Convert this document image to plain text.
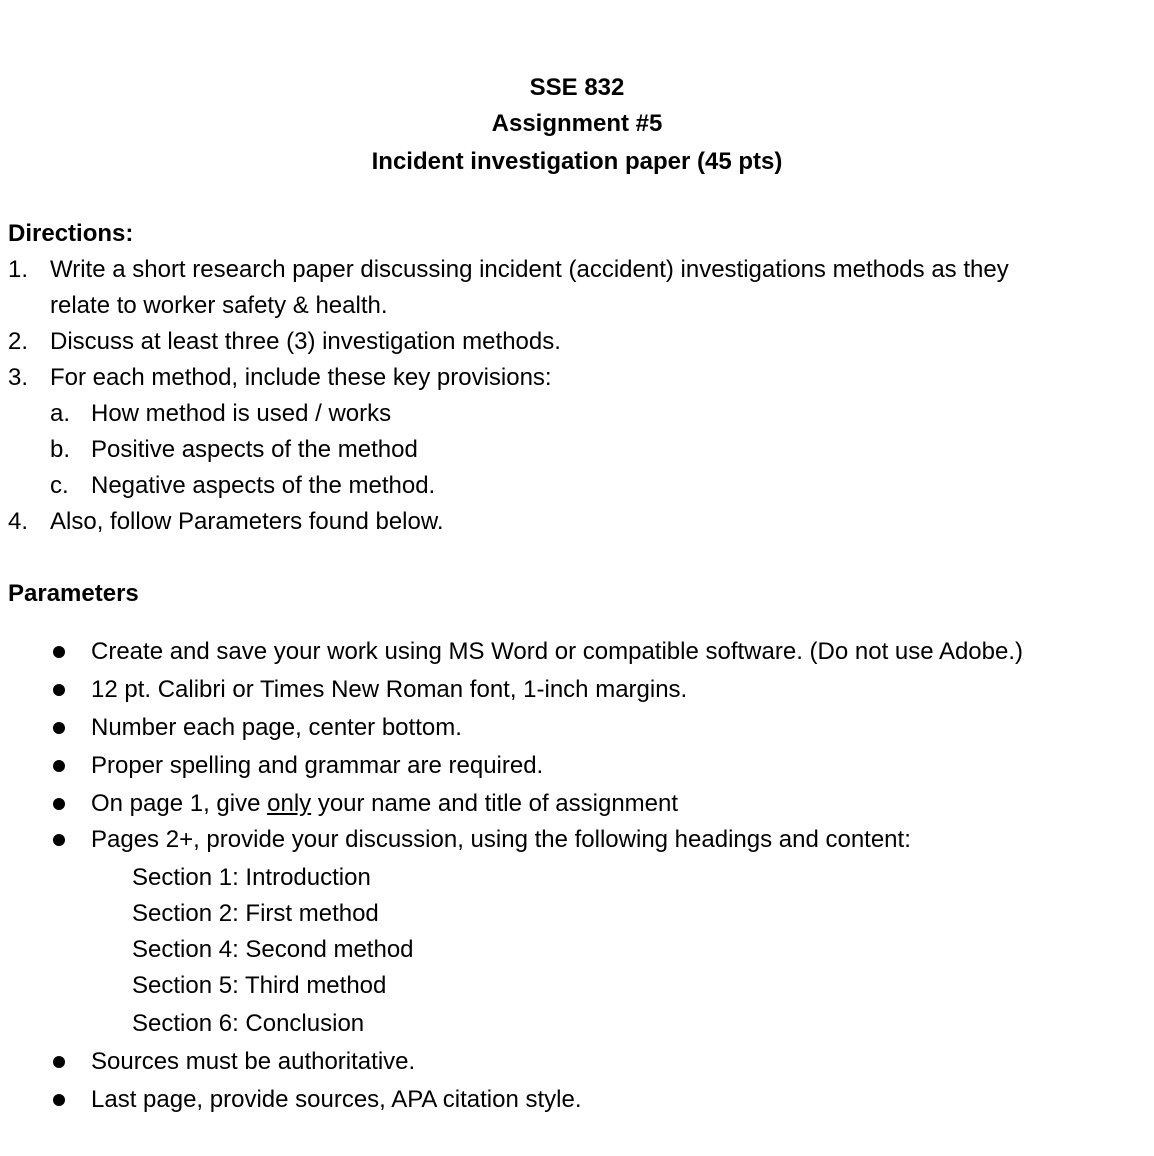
SSE 832
Assignment #5
Incident investigation paper (45 pts)
Directions:
1. Write a short research paper discussing incident (accident) investigations methods as they
relate to worker safety & health.
2. Discuss at least three (3) investigation methods.
3. For each method, include these key provisions:
a. How method is used / works
b. Positive aspects of the method
c. Negative aspects of the method.
4. Also, follow Parameters found below.
Parameters
Create and save your work using MS Word or compatible software. (Do not use Adobe.)
12 pt. Calibri or Times New Roman font, 1-inch margins.
Number each page, center bottom.
Proper spelling and grammar are required.
On page 1, give only your name and title of assignment
Pages 2+, provide your discussion, using the following headings and content:
Section 1: Introduction
Section 2: First method
Section 4: Second method
Section 5: Third method
Section 6: Conclusion
Sources must be authoritative.
Last page, provide sources, APA citation style.
